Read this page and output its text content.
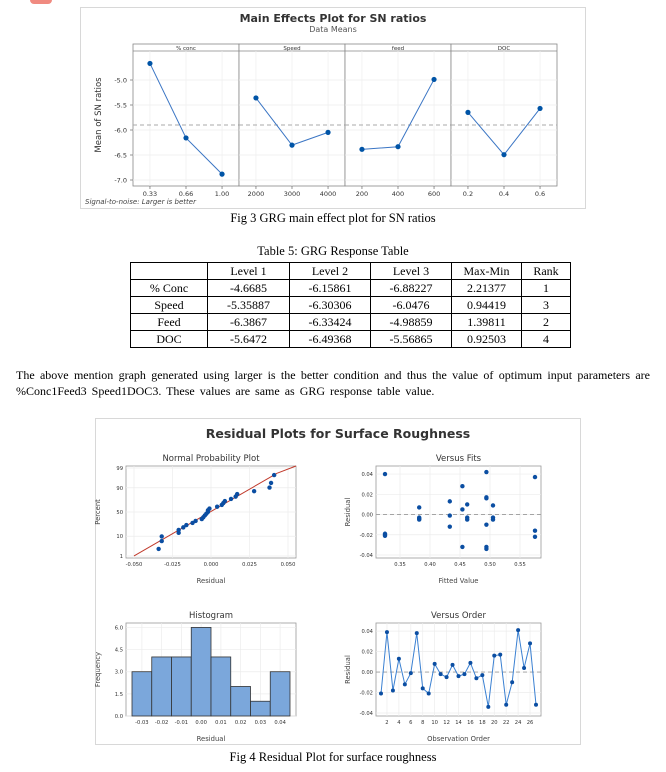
Main Effects Plot for SN ratios
Data Means
Mean of SN ratios -5.0
-5.5
-6.0
-6.5
-7.0
% conc
0.33	0.66	1.00
Speed
2000	3000	4000
feed
200	400	600
DOC
0.2	0.4	0.6
Signal-to-noise: Larger is better
Fig 3 GRG main effect plot for SN ratios
Table 5: GRG Response Table
	Level 1	Level 2	Level 3	Max-Min	Rank
% Conc	-4.6685	-6.15861	-6.88227	2.21377	1
Speed	-5.35887	-6.30306	-6.0476	0.94419	3
Feed	-6.3867	-6.33424	-4.98859	1.39811	2
DOC	-5.6472	-6.49368	-5.56865	0.92503	4
The above mention graph generated using larger is the better condition and thus the value of optimum input parameters are %Conc1Feed3 Speed1DOC3. These values are same as GRG response table value.
Residual Plots for Surface Roughness
Normal Probability Plot
Residual
Percent
-0.050	-0.025	0.000	0.025	0.050
1
10
50
90
99
Versus Fits
Fitted Value
Residual
0.35	0.40	0.45	0.50	0.55
0.04
0.02
0.00
-0.02
-0.04
Histogram
Residual
Frequency
0.0
1.5
3.0
4.5
6.0
-0.03 -0.02 -0.01 0.00 0.01 0.02 0.03 0.04
Versus Order
Observation Order
Residual
2 4 6 8 10 12 14 16 18 20 22 24 26
0.04
0.02
0.00
-0.02
-0.04
Fig 4 Residual Plot for surface roughness
